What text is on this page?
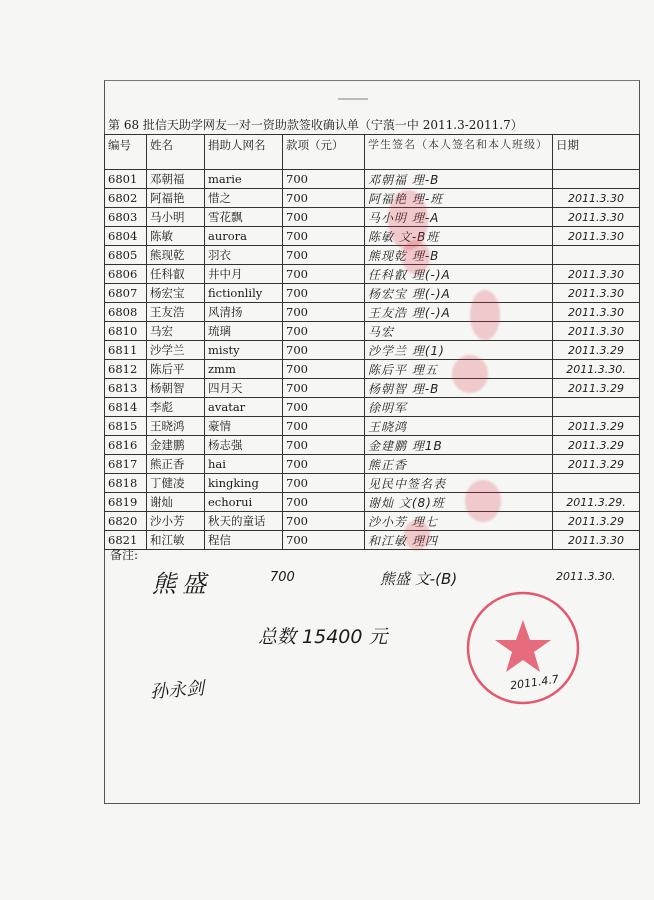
第 68 批信天助学网友一对一资助款签收确认单（宁蒗一中 2011.3-2011.7）
编号	姓名	捐助人网名	款项（元）	学生签名（本人签名和本人班级）	日期
6801	邓朝福	marie	700	邓朝福 理-B	
6802	阿福艳	惜之	700	阿福艳 理-班	2011.3.30
6803	马小明	雪花飘	700	马小明 理-A	2011.3.30
6804	陈敏	aurora	700	陈敏 文-B班	2011.3.30
6805	熊现乾	羽衣	700	熊现乾 理-B	
6806	任科叡	井中月	700	任科叡 理(-)A	2011.3.30
6807	杨宏宝	fictionlily	700	杨宏宝 理(-)A	2011.3.30
6808	王友浩	风清扬	700	王友浩 理(-)A	2011.3.30
6810	马宏	琉璃	700	马宏	2011.3.30
6811	沙学兰	misty	700	沙学兰 理(1)	2011.3.29
6812	陈后平	zmm	700	陈后平 理五	2011.3.30.
6813	杨朝智	四月天	700	杨朝智 理-B	2011.3.29
6814	李彪	avatar	700	徐明军	
6815	王晓鸿	豪情	700	王晓鸿	2011.3.29
6816	金建鹏	杨志强	700	金建鹏 理1B	2011.3.29
6817	熊正香	hai	700	熊正香	2011.3.29
6818	丁健凌	kingking	700	见民中签名表	
6819	谢灿	echorui	700	谢灿 文(8)班	2011.3.29.
6820	沙小芳	秋天的童话	700	沙小芳 理七	2011.3.29
6821	和江敏	程信	700	和江敏 理四	2011.3.30
备注:
熊盛	700	熊盛 文-(B)	2011.3.30.
总数 15400 元
孙永剑	2011.4.7
